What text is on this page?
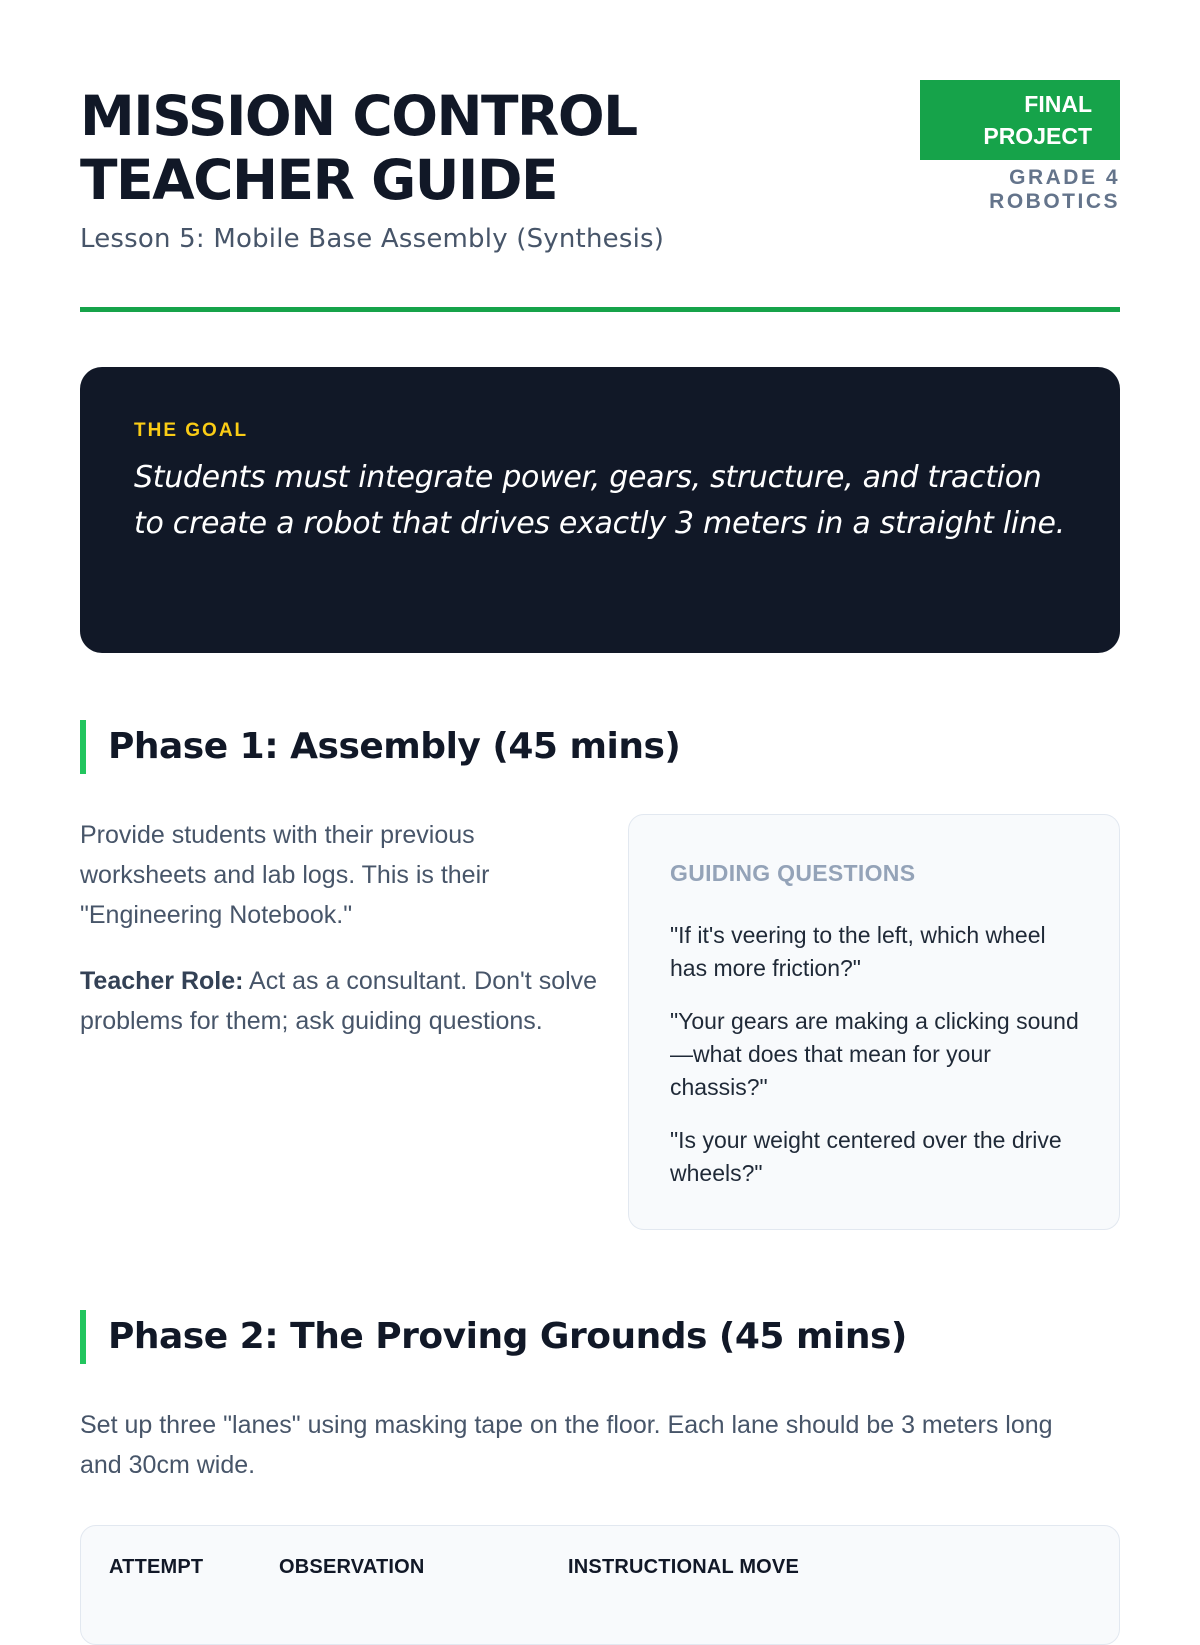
MISSION CONTROL
TEACHER GUIDE
Lesson 5: Mobile Base Assembly (Synthesis)
FINAL
PROJECT
GRADE 4
ROBOTICS
THE GOAL
Students must integrate power, gears, structure, and traction to create a robot that drives exactly 3 meters in a straight line.
Phase 1: Assembly (45 mins)

Provide students with their previous worksheets and lab logs. This is their "Engineering Notebook."

Teacher Role: Act as a consultant. Don't solve problems for them; ask guiding questions.

GUIDING QUESTIONS
"If it's veering to the left, which wheel has more friction?"
"Your gears are making a clicking sound—what does that mean for your chassis?"
"Is your weight centered over the drive wheels?"
Phase 2: The Proving Grounds (45 mins)

Set up three "lanes" using masking tape on the floor. Each lane should be 3 meters long and 30cm wide.

ATTEMPT	OBSERVATION	INSTRUCTIONAL MOVE
